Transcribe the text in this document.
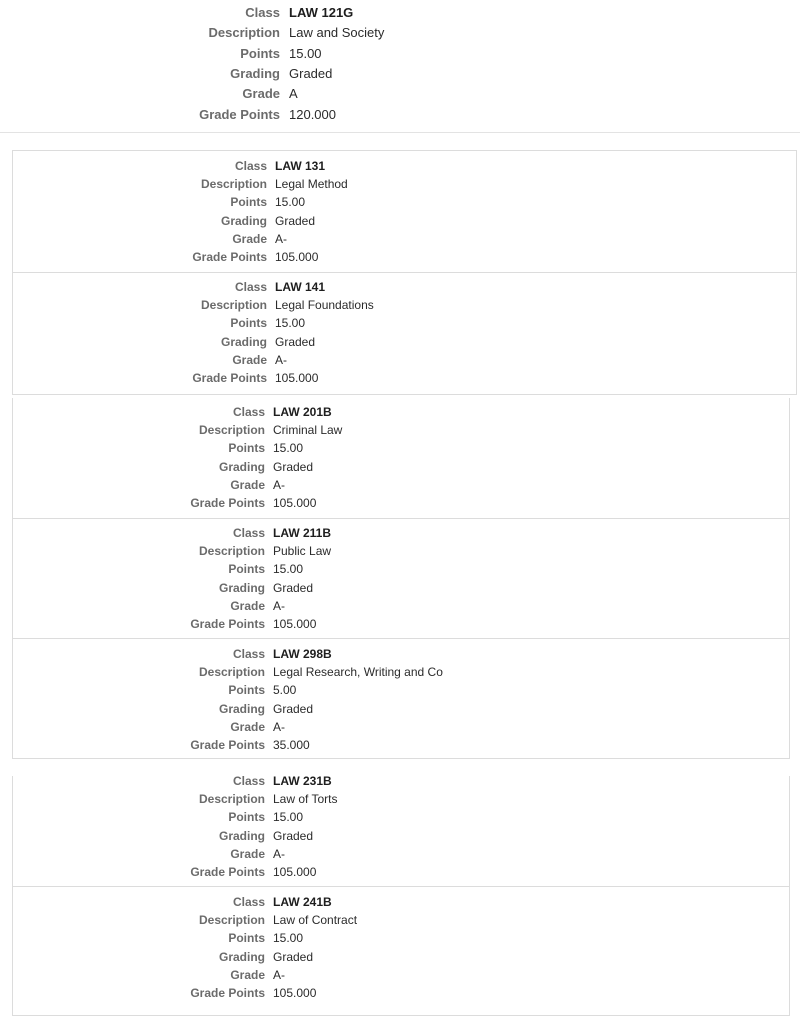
Class LAW 121G
Description Law and Society
Points 15.00
Grading Graded
Grade A
Grade Points 120.000
Class LAW 131
Description Legal Method
Points 15.00
Grading Graded
Grade A-
Grade Points 105.000
Class LAW 141
Description Legal Foundations
Points 15.00
Grading Graded
Grade A-
Grade Points 105.000
Class LAW 201B
Description Criminal Law
Points 15.00
Grading Graded
Grade A-
Grade Points 105.000
Class LAW 211B
Description Public Law
Points 15.00
Grading Graded
Grade A-
Grade Points 105.000
Class LAW 298B
Description Legal Research, Writing and Co
Points 5.00
Grading Graded
Grade A-
Grade Points 35.000
Class LAW 231B
Description Law of Torts
Points 15.00
Grading Graded
Grade A-
Grade Points 105.000
Class LAW 241B
Description Law of Contract
Points 15.00
Grading Graded
Grade A-
Grade Points 105.000
